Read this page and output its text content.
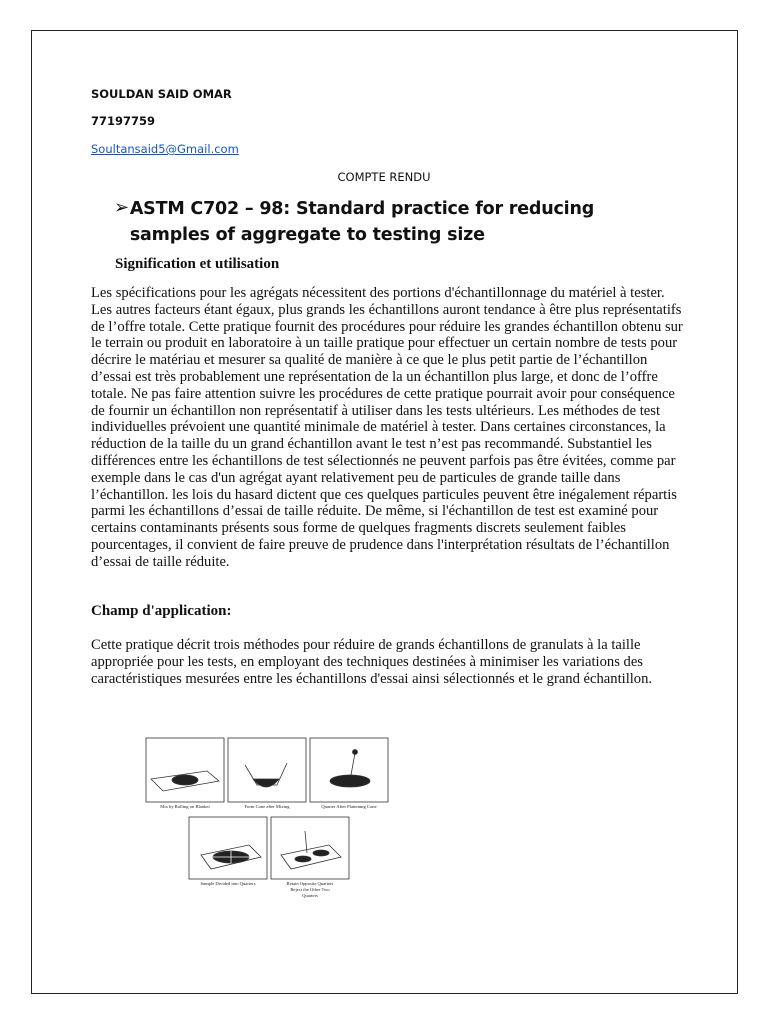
SOULDAN SAID OMAR
77197759
Soultansaid5@Gmail.com
COMPTE RENDU
➢ ASTM C702 – 98: Standard practice for reducing samples of aggregate to testing size
Signification et utilisation

Les spécifications pour les agrégats nécessitent des portions d'échantillonnage du matériel à tester. Les autres facteurs étant égaux, plus grands les échantillons auront tendance à être plus représentatifs de l’offre totale. Cette pratique fournit des procédures pour réduire les grandes échantillon obtenu sur le terrain ou produit en laboratoire à un taille pratique pour effectuer un certain nombre de tests pour décrire le matériau et mesurer sa qualité de manière à ce que le plus petit partie de l’échantillon d’essai est très probablement une représentation de la un échantillon plus large, et donc de l’offre totale. Ne pas faire attention suivre les procédures de cette pratique pourrait avoir pour conséquence de fournir un échantillon non représentatif à utiliser dans les tests ultérieurs. Les méthodes de test individuelles prévoient une quantité minimale de matériel à tester. Dans certaines circonstances, la réduction de la taille du un grand échantillon avant le test n’est pas recommandé. Substantiel les différences entre les échantillons de test sélectionnés ne peuvent parfois pas être évitées, comme par exemple dans le cas d'un agrégat ayant relativement peu de particules de grande taille dans l’échantillon. les lois du hasard dictent que ces quelques particules peuvent être inégalement répartis parmi les échantillons d’essai de taille réduite. De même, si l'échantillon de test est examiné pour certains contaminants présents sous forme de quelques fragments discrets seulement faibles pourcentages, il convient de faire preuve de prudence dans l'interprétation résultats de l’échantillon d’essai de taille réduite.

Champ d'application:

Cette pratique décrit trois méthodes pour réduire de grands échantillons de granulats à la taille appropriée pour les tests, en employant des techniques destinées à minimiser les variations des caractéristiques mesurées entre les échantillons d'essai ainsi sélectionnés et le grand échantillon.

Mix by Rolling on Blanket	Form Cone after Mixing	Quarter After Flattening Cone
Sample Divided into Quarters	Retain Opposite Quarters
Reject the Other Two
Quarters
